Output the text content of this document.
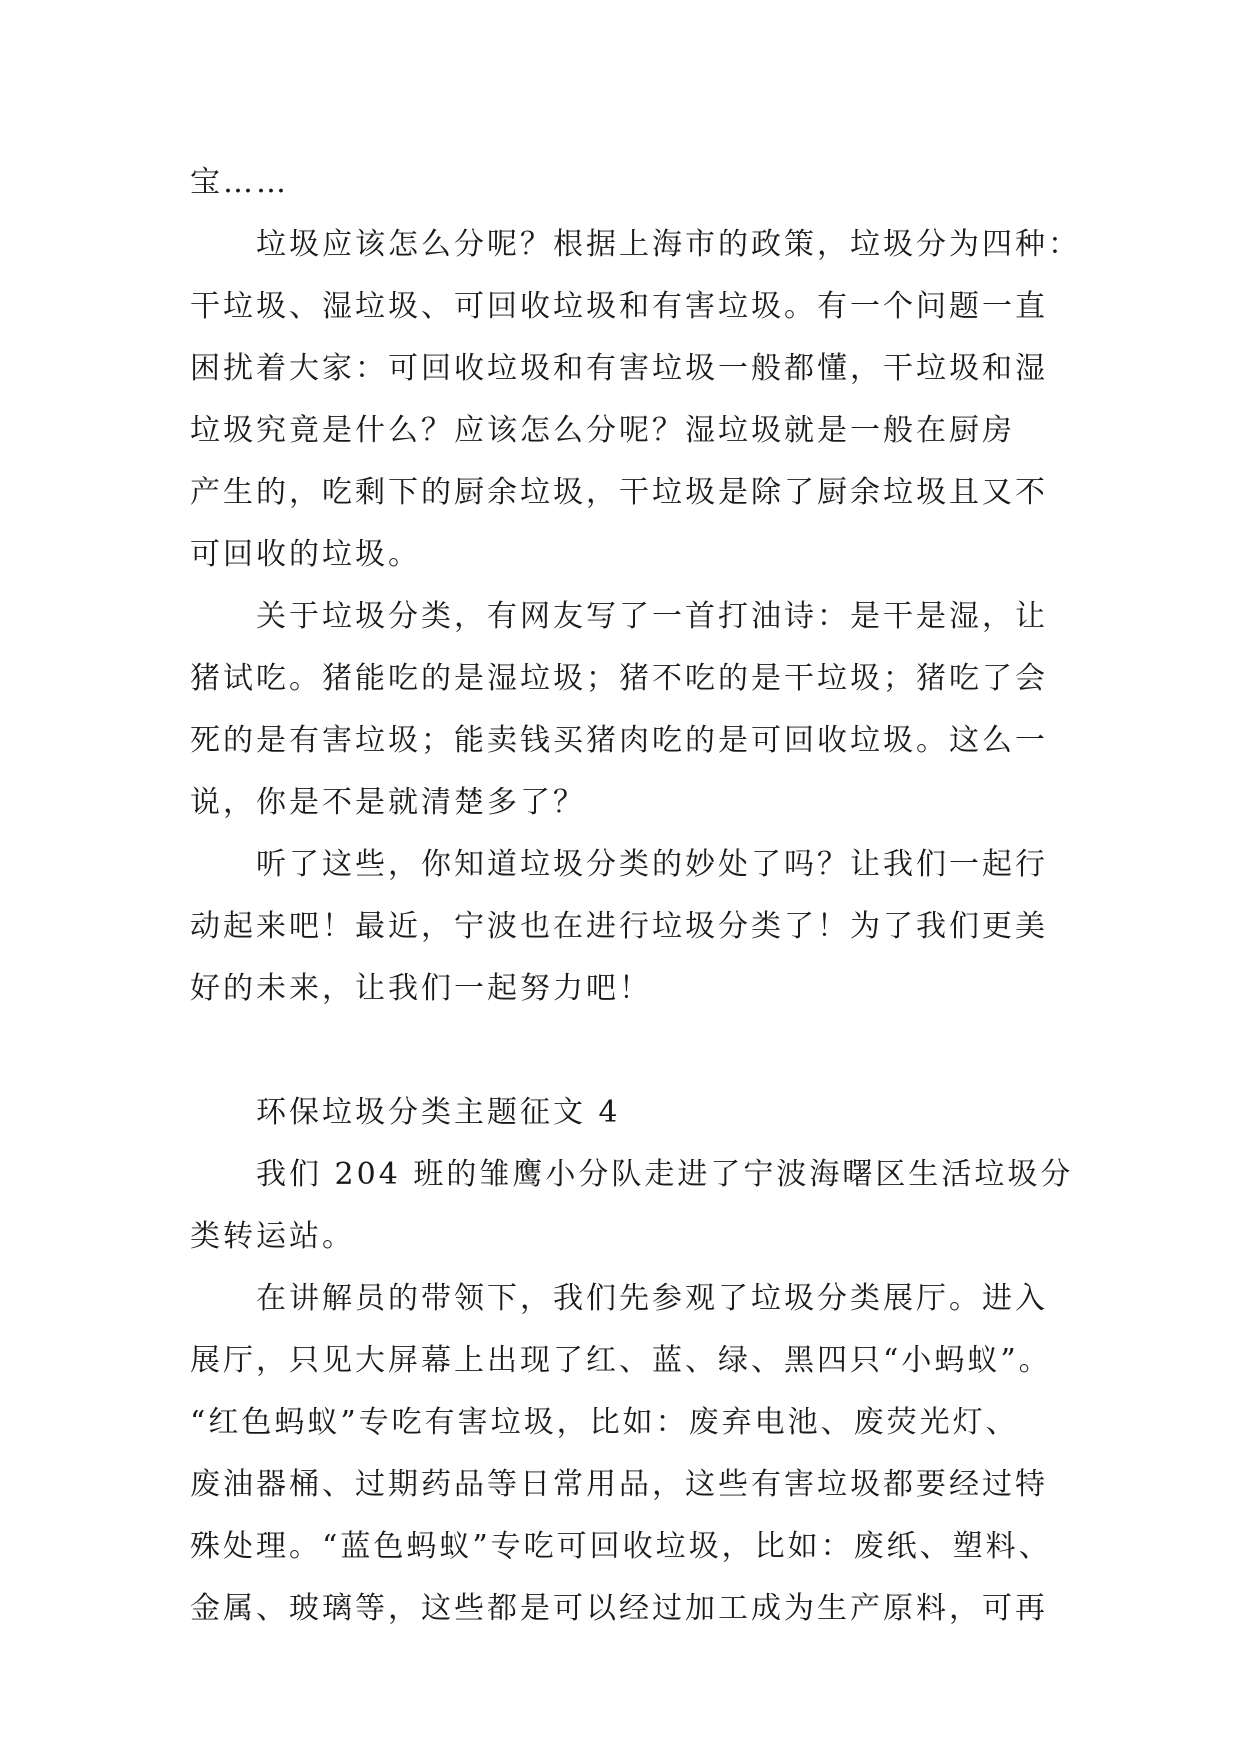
宝……
垃圾应该怎么分呢？根据上海市的政策，垃圾分为四种：
干垃圾、湿垃圾、可回收垃圾和有害垃圾。有一个问题一直
困扰着大家：可回收垃圾和有害垃圾一般都懂，干垃圾和湿
垃圾究竟是什么？应该怎么分呢？湿垃圾就是一般在厨房
产生的，吃剩下的厨余垃圾，干垃圾是除了厨余垃圾且又不
可回收的垃圾。
关于垃圾分类，有网友写了一首打油诗：是干是湿，让
猪试吃。猪能吃的是湿垃圾；猪不吃的是干垃圾；猪吃了会
死的是有害垃圾；能卖钱买猪肉吃的是可回收垃圾。这么一
说，你是不是就清楚多了？
听了这些，你知道垃圾分类的妙处了吗？让我们一起行
动起来吧！最近，宁波也在进行垃圾分类了！为了我们更美
好的未来，让我们一起努力吧！
环保垃圾分类主题征文 4
我们 204 班的雏鹰小分队走进了宁波海曙区生活垃圾分
类转运站。
在讲解员的带领下，我们先参观了垃圾分类展厅。进入
展厅，只见大屏幕上出现了红、蓝、绿、黑四只“小蚂蚁”。
“红色蚂蚁”专吃有害垃圾，比如：废弃电池、废荧光灯、
废油器桶、过期药品等日常用品，这些有害垃圾都要经过特
殊处理。“蓝色蚂蚁”专吃可回收垃圾，比如：废纸、塑料、
金属、玻璃等，这些都是可以经过加工成为生产原料，可再
